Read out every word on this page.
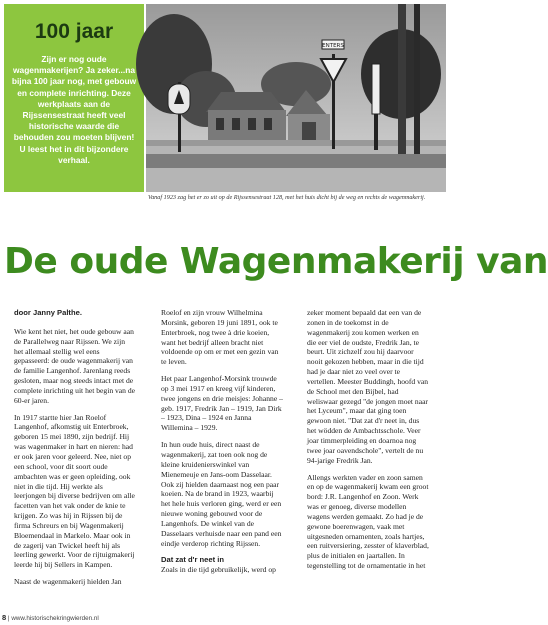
100 jaar
Zijn er nog oude wagenmakerijen? Ja zeker...na bijna 100 jaar nog, met gebouw en complete inrichting. Deze werkplaats aan de Rijssensestraat heeft veel historische waarde die behouden zou moeten blijven! U leest het in dit bijzondere verhaal.
ENTERS
Vanaf 1923 zag het er zo uit op de Rijssensestraat 128, met het huis dicht bij de weg en rechts de wagenmakerij.
De oude Wagenmakerij van

door Janny Palthe.

Wie kent het niet, het oude gebouw aan de Parallelweg naar Rijssen. We zijn het allemaal stellig wel eens gepasseerd: de oude wagenmakerij van de familie Langenhof. Jarenlang reeds gesloten, maar nog steeds intact met de complete inrichting uit het begin van de 60-er jaren.

In 1917 startte hier Jan Roelof Langenhof, afkomstig uit Enterbroek, geboren 15 mei 1890, zijn bedrijf. Hij was wagenmaker in hart en nieren: had er ook jaren voor geleerd. Nee, niet op een school, voor dit soort oude ambachten was er geen opleiding, ook niet in die tijd. Hij werkte als leerjongen bij diverse bedrijven om alle facetten van het vak onder de knie te krijgen. Zo was hij in Rijssen bij de firma Schreurs en bij Wagenmakerij Bloemendaal in Markelo. Maar ook in de zagerij van Twickel heeft hij als leerling gewerkt. Voor de rijtuigmakerij leerde hij bij Sellers in Kampen.

Naast de wagenmakerij hielden Jan

Roelof en zijn vrouw Wilhelmina Morsink, geboren 19 juni 1891, ook te Enterbroek, nog twee à drie koeien, want het bedrijf alleen bracht niet voldoende op om er met een gezin van te leven.

Het paar Langenhof-Morsink trouwde op 3 mei 1917 en kreeg vijf kinderen, twee jongens en drie meisjes: Johanne – geb. 1917, Fredrik Jan – 1919, Jan Dirk – 1923, Dina – 1924 en Janna Willemina – 1929.

In hun oude huis, direct naast de wagenmakerij, zat toen ook nog de kleine kruidenierswinkel van Mienemeuje en Jans-oom Dasselaar. Ook zij hielden daarnaast nog een paar koeien. Na de brand in 1923, waarbij het hele huis verloren ging, werd er een nieuwe woning gebouwd voor de Langenhofs. De winkel van de Dasselaars verhuisde naar een pand een eindje verderop richting Rijssen.

Dat zat d'r neet in

Zoals in die tijd gebruikelijk, werd op

zeker moment bepaald dat een van de zonen in de toekomst in de wagenmakerij zou komen werken en die eer viel de oudste, Fredrik Jan, te beurt. Uit zichzelf zou hij daarvoor nooit gekozen hebben, maar in die tijd had je daar niet zo veel over te vertellen. Meester Buddingh, hoofd van de School met den Bijbel, had weliswaar gezegd "de jongen moet naar het Lyceum", maar dat ging toen gewoon niet. "Dat zat d'r neet in, dus het wödden de Ambachtsschole. Veer joar timmerpleiding en doarnoa nog twee joar oavendschole", vertelt de nu 94-jarige Fredrik Jan.

Allengs werkten vader en zoon samen en op de wagenmakerij kwam een groot bord: J.R. Langenhof en Zoon. Werk was er genoeg, diverse modellen wagens werden gemaakt. Zo had je de gewone boerenwagen, vaak met uitgesneden ornamenten, zoals hartjes, een ruitversiering, zesster of klaverblad, plus de initialen en jaartallen. In tegenstelling tot de ornamentatie in het

8 | www.historischekringwierden.nl
